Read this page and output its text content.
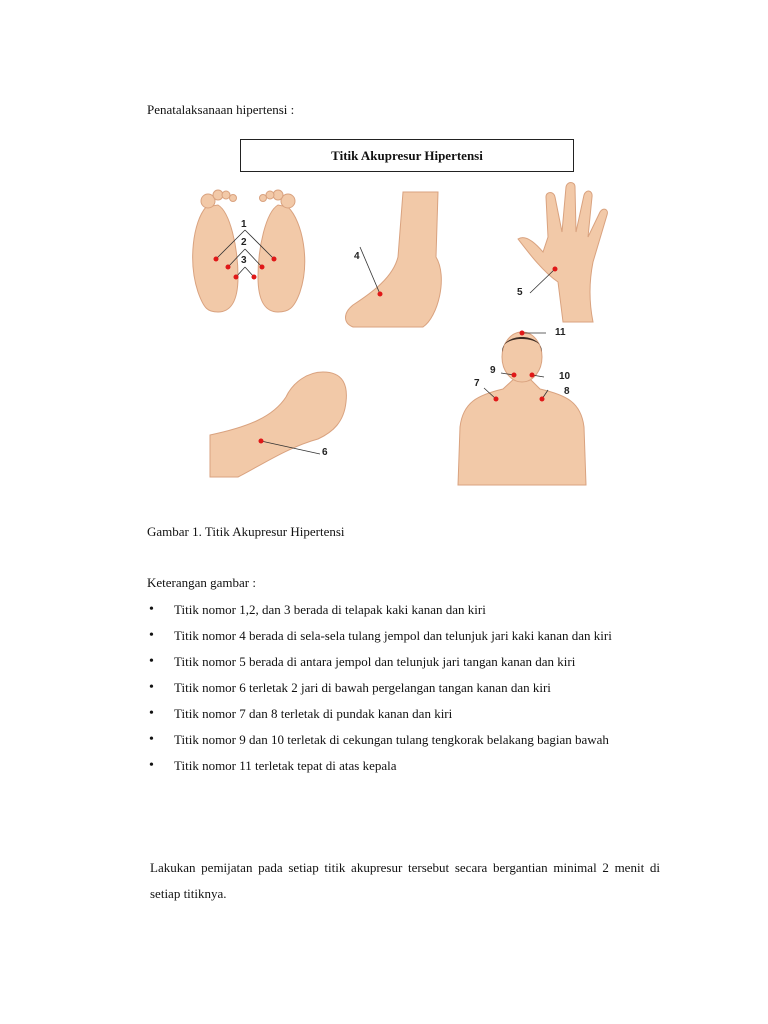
Penatalaksanaan hipertensi :
Titik Akupresur Hipertensi
1
2
3	4
5
6
7
8
9
10
11
Gambar 1. Titik Akupresur Hipertensi
Keterangan gambar :
• Titik nomor 1,2, dan 3 berada di telapak kaki kanan dan kiri
• Titik nomor 4 berada di sela-sela tulang jempol dan telunjuk jari kaki kanan dan kiri
• Titik nomor 5 berada di antara jempol dan telunjuk jari tangan kanan dan kiri
• Titik nomor 6 terletak 2 jari di bawah pergelangan tangan kanan dan kiri
• Titik nomor 7 dan 8 terletak di pundak kanan dan kiri
• Titik nomor 9 dan 10 terletak di cekungan tulang tengkorak belakang bagian bawah
• Titik nomor 11 terletak tepat di atas kepala
Lakukan pemijatan pada setiap titik akupresur tersebut secara bergantian minimal 2 menit di setiap titiknya.
